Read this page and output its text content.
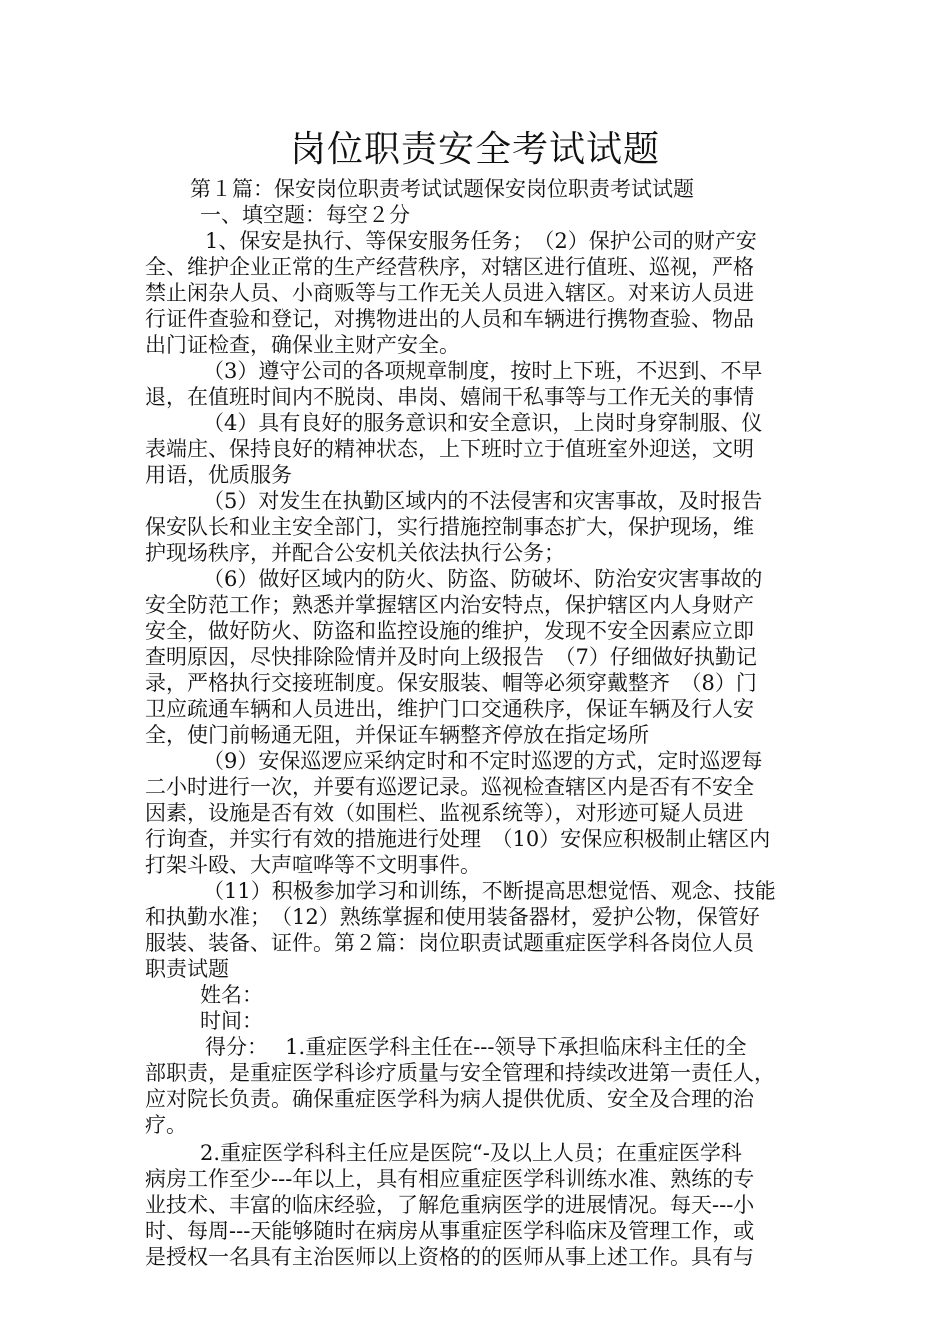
岗位职责安全考试试题

第１篇：保安岗位职责考试试题保安岗位职责考试试题

一、填空题：每空２分

1、保安是执行、等保安服务任务；　（2）保护公司的财产安

全、维护企业正常的生产经营秩序，对辖区进行值班、巡视，严格

禁止闲杂人员、小商贩等与工作无关人员进入辖区。对来访人员进

行证件查验和登记，对携物进出的人员和车辆进行携物查验、物品

出门证检查，确保业主财产安全。

（3）遵守公司的各项规章制度，按时上下班，不迟到、不早

退，在值班时间内不脱岗、串岗、嬉闹干私事等与工作无关的事情

（4）具有良好的服务意识和安全意识，上岗时身穿制服、仪

表端庄、保持良好的精神状态，上下班时立于值班室外迎送，文明

用语，优质服务

（5）对发生在执勤区域内的不法侵害和灾害事故，及时报告

保安队长和业主安全部门，实行措施控制事态扩大，保护现场，维

护现场秩序，并配合公安机关依法执行公务；

（6）做好区域内的防火、防盗、防破坏、防治安灾害事故的

安全防范工作；熟悉并掌握辖区内治安特点，保护辖区内人身财产

安全，做好防火、防盗和监控设施的维护，发现不安全因素应立即

查明原因，尽快排除险情并及时向上级报告　（7）仔细做好执勤记

录，严格执行交接班制度。保安服装、帽等必须穿戴整齐　（8）门

卫应疏通车辆和人员进出，维护门口交通秩序，保证车辆及行人安

全，使门前畅通无阻，并保证车辆整齐停放在指定场所

（9）安保巡逻应采纳定时和不定时巡逻的方式，定时巡逻每

二小时进行一次，并要有巡逻记录。巡视检查辖区内是否有不安全

因素，设施是否有效（如围栏、监视系统等），对形迹可疑人员进

行询查，并实行有效的措施进行处理　（10）安保应积极制止辖区内

打架斗殴、大声喧哗等不文明事件。

（11）积极参加学习和训练，不断提高思想觉悟、观念、技能

和执勤水准；　（12）熟练掌握和使用装备器材，爱护公物，保管好

服装、装备、证件。第２篇：岗位职责试题重症医学科各岗位人员

职责试题

姓名：

时间：

得分：　 1.重症医学科主任在---领导下承担临床科主任的全

部职责，是重症医学科诊疗质量与安全管理和持续改进第一责任人，

应对院长负责。确保重症医学科为病人提供优质、安全及合理的治

疗。

2.重症医学科科主任应是医院“-及以上人员；在重症医学科

病房工作至少---年以上，具有相应重症医学科训练水准、熟练的专

业技术、丰富的临床经验，了解危重病医学的进展情况。每天---小

时、每周---天能够随时在病房从事重症医学科临床及管理工作，或

是授权一名具有主治医师以上资格的的医师从事上述工作。具有与
